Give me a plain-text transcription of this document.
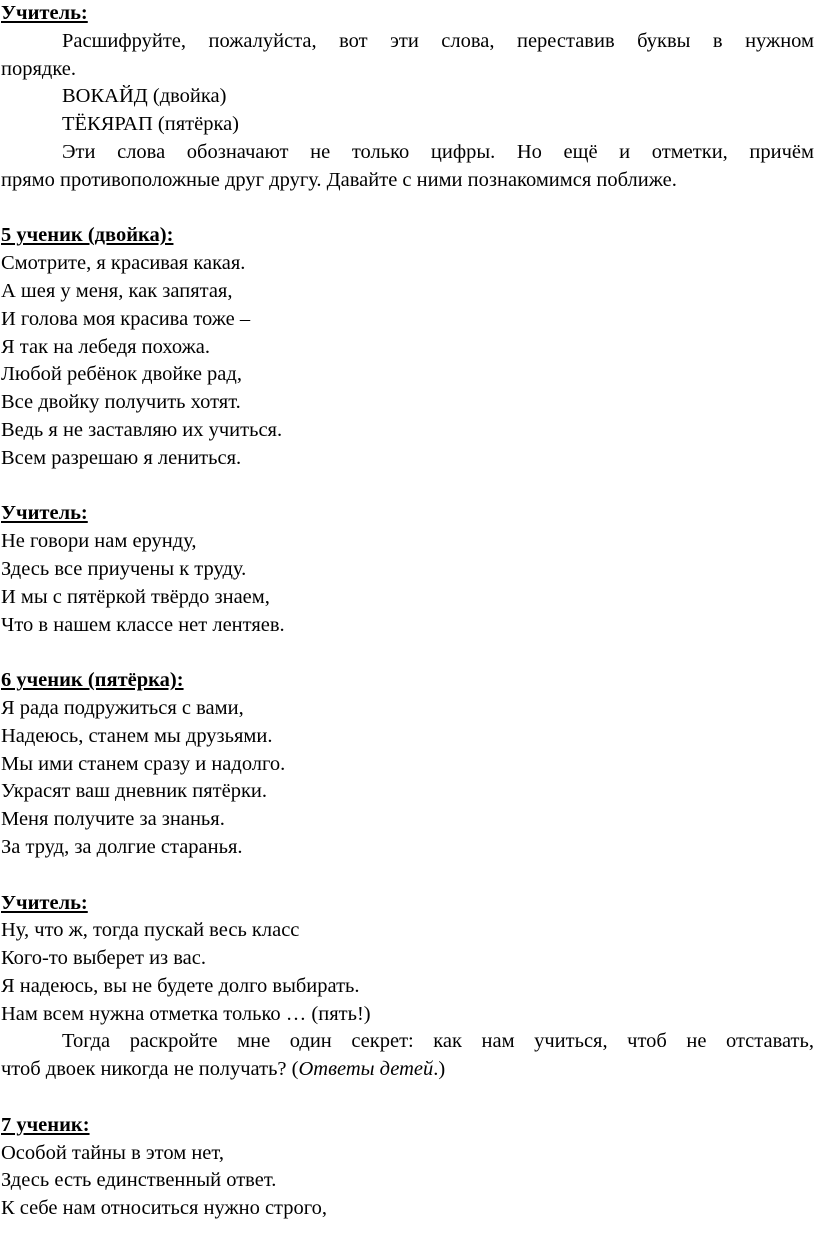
Учитель:
Расшифруйте, пожалуйста, вот эти слова, переставив буквы в нужном
порядке.
ВОКАЙД (двойка)
ТЁКЯРАП (пятёрка)
Эти слова обозначают не только цифры. Но ещё и отметки, причём
прямо противоположные друг другу. Давайте с ними познакомимся поближе.
5 ученик (двойка):
Смотрите, я красивая какая.
А шея у меня, как запятая,
И голова моя красива тоже –
Я так на лебедя похожа.
Любой ребёнок двойке рад,
Все двойку получить хотят.
Ведь я не заставляю их учиться.
Всем разрешаю я лениться.
Учитель:
Не говори нам ерунду,
Здесь все приучены к труду.
И мы с пятёркой твёрдо знаем,
Что в нашем классе нет лентяев.
6 ученик (пятёрка):
Я рада подружиться с вами,
Надеюсь, станем мы друзьями.
Мы ими станем сразу и надолго.
Украсят ваш дневник пятёрки.
Меня получите за знанья.
За труд, за долгие старанья.
Учитель:
Ну, что ж, тогда пускай весь класс
Кого-то выберет из вас.
Я надеюсь, вы не будете долго выбирать.
Нам всем нужна отметка только … (пять!)
Тогда раскройте мне один секрет: как нам учиться, чтоб не отставать,
чтоб двоек никогда не получать? (Ответы детей.)
7 ученик:
Особой тайны в этом нет,
Здесь есть единственный ответ.
К себе нам относиться нужно строго,
